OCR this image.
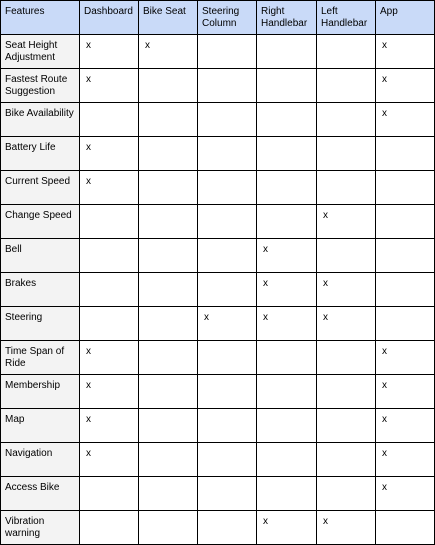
Features	Dashboard	Bike Seat	Steering Column	Right Handlebar	Left Handlebar	App
Seat Height Adjustment	x	x				x
Fastest Route Suggestion	x					x
Bike Availability						x
Battery Life	x					
Current Speed	x					
Change Speed					x	
Bell				x		
Brakes				x	x	
Steering			x	x	x	
Time Span of Ride	x					x
Membership	x					x
Map	x					x
Navigation	x					x
Access Bike						x
Vibration warning				x	x	
